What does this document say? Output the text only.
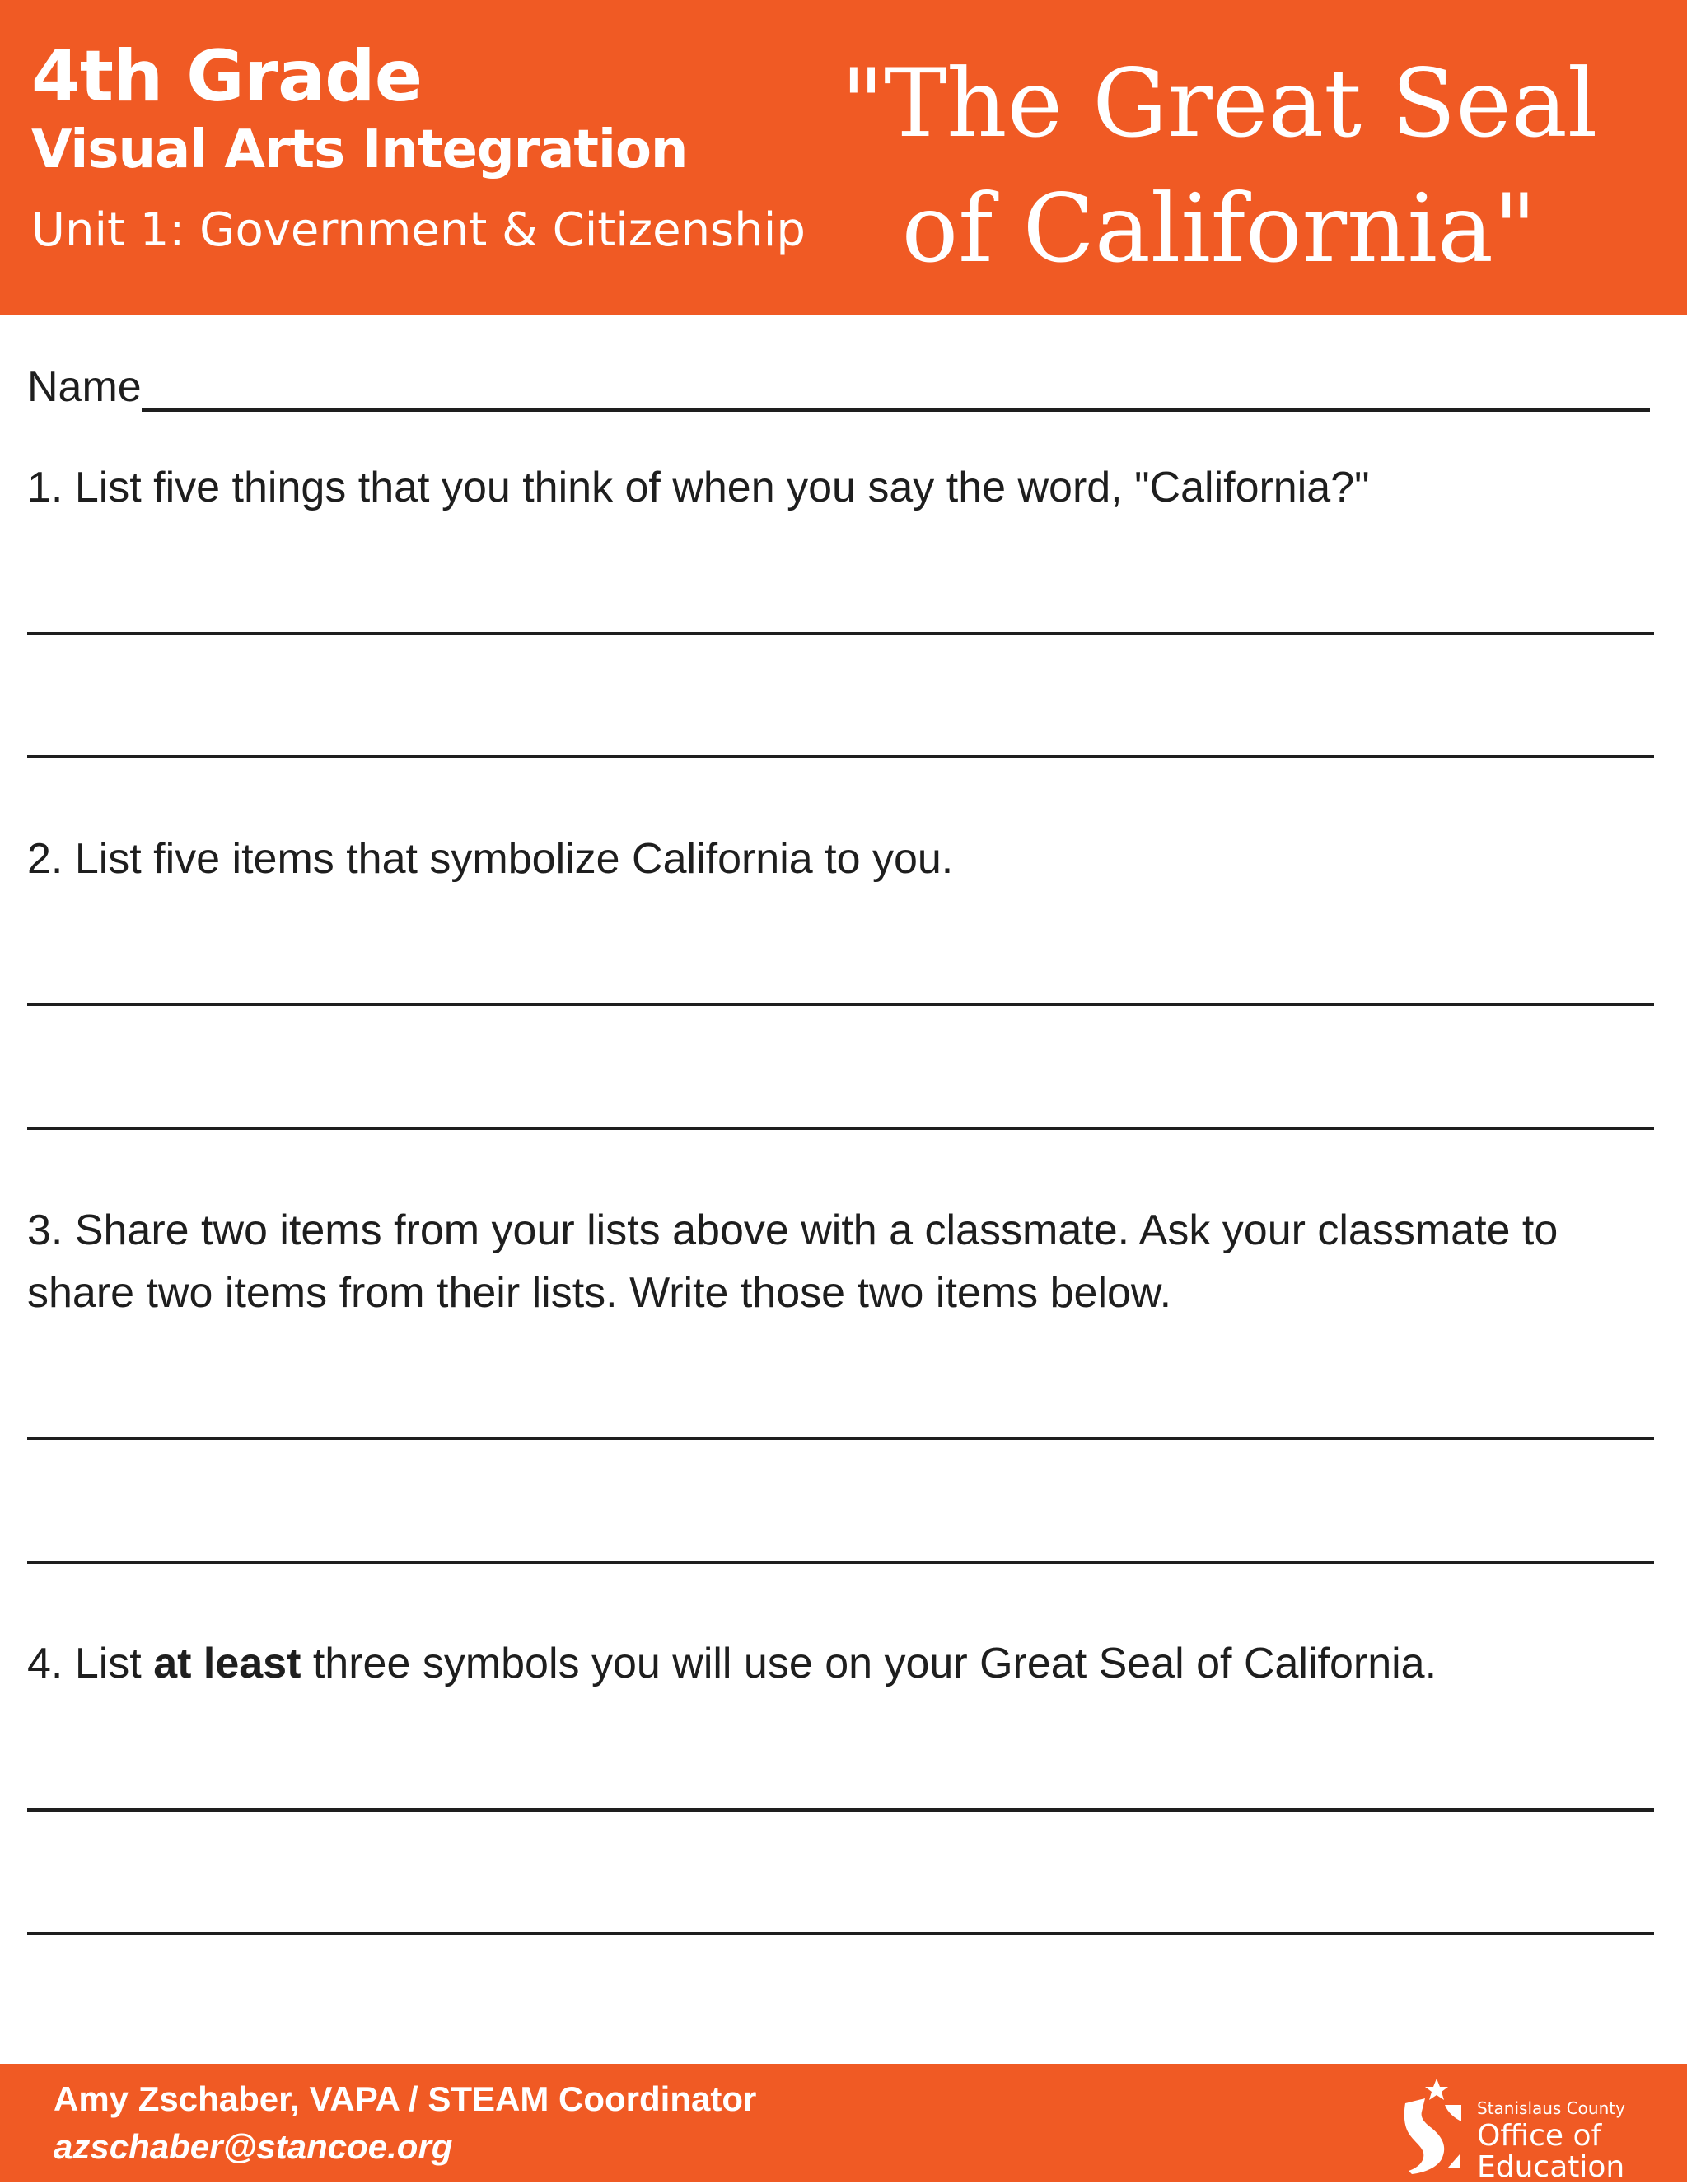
4th Grade
Visual Arts Integration
Unit 1: Government & Citizenship
"The Great Seal
of California"
Name
1. List five things that you think of when you say the word, "California?"
2. List five items that symbolize California to you.
3. Share two items from your lists above with a classmate. Ask your classmate to share two items from their lists. Write those two items below.
4. List at least three symbols you will use on your Great Seal of California.
Amy Zschaber, VAPA / STEAM Coordinator
azschaber@stancoe.org
Stanislaus County
Office of
Education
